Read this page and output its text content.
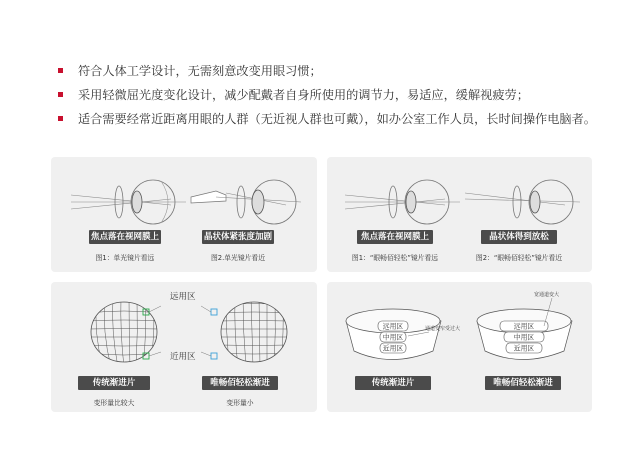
符合人体工学设计，无需刻意改变用眼习惯；
采用轻微屈光度变化设计，减少配戴者自身所使用的调节力，易适应，缓解视疲劳；
适合需要经常近距离用眼的人群（无近视人群也可戴），如办公室工作人员，长时间操作电脑者。
焦点落在视网膜上	晶状体紧张度加剧
图1：单光镜片看远	图2.单光镜片看近
焦点落在视网膜上	晶状体得到放松
图1：“眼畅佰轻松”镜片看远	图2：“眼畅佰轻松”镜片看近
远用区
近用区
传统渐进片	唯畅佰轻松渐进
变形量比较大	变形量小
远用区
中用区
近用区
通道变窄受过大	远用区
中用区
近用区
宽通道变大
传统渐进片	唯畅佰轻松渐进
